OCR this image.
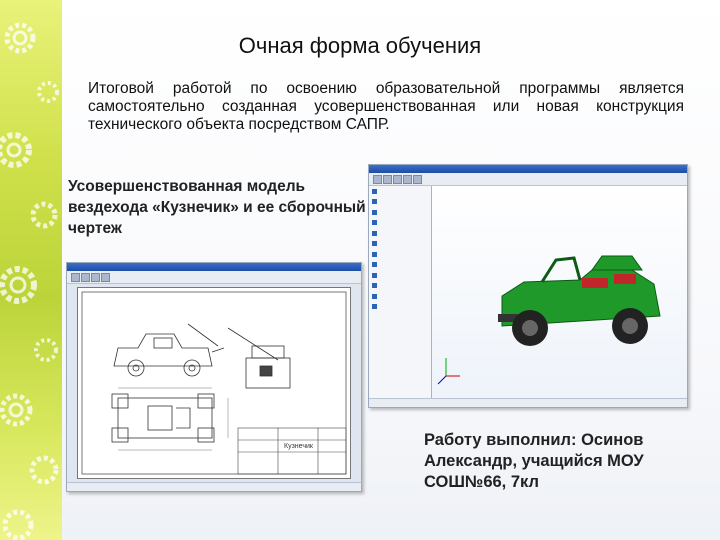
Очная форма обучения
Итоговой работой по освоению образовательной программы является самостоятельно созданная усовершенствованная или новая конструкция технического объекта посредством САПР.
Усовершенствованная модель вездехода «Кузнечик» и ее сборочный чертеж
Кузнечик	Работу выполнил: Осинов Александр, учащийся МОУ СОШ№66, 7кл
